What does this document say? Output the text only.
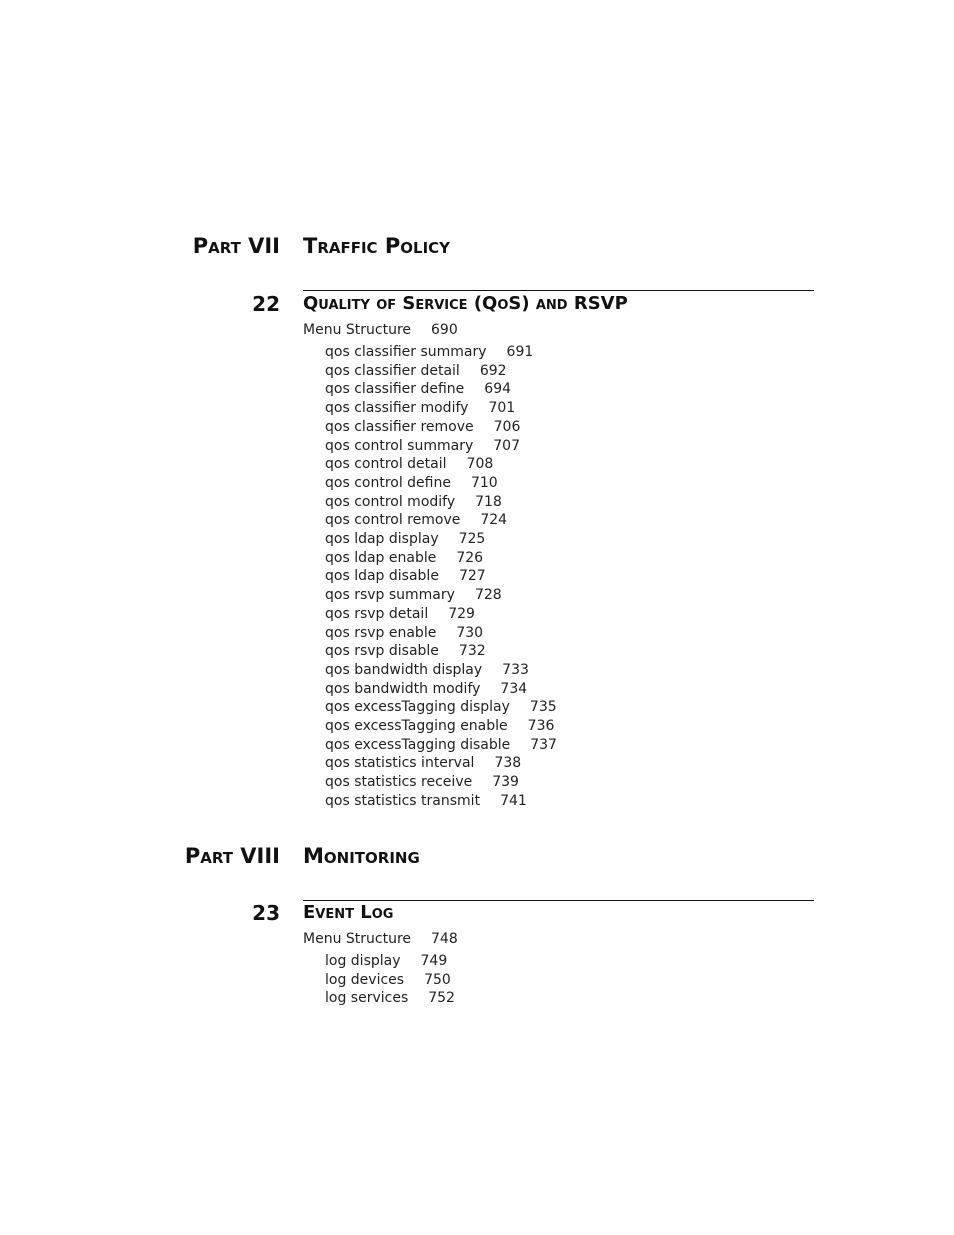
Part VII Traffic Policy
22 Quality of Service (QoS) and RSVP
Menu Structure 690
qos classifier summary 691
qos classifier detail 692
qos classifier define 694
qos classifier modify 701
qos classifier remove 706
qos control summary 707
qos control detail 708
qos control define 710
qos control modify 718
qos control remove 724
qos ldap display 725
qos ldap enable 726
qos ldap disable 727
qos rsvp summary 728
qos rsvp detail 729
qos rsvp enable 730
qos rsvp disable 732
qos bandwidth display 733
qos bandwidth modify 734
qos excessTagging display 735
qos excessTagging enable 736
qos excessTagging disable 737
qos statistics interval 738
qos statistics receive 739
qos statistics transmit 741
Part VIII Monitoring
23 Event Log
Menu Structure 748
log display 749
log devices 750
log services 752
